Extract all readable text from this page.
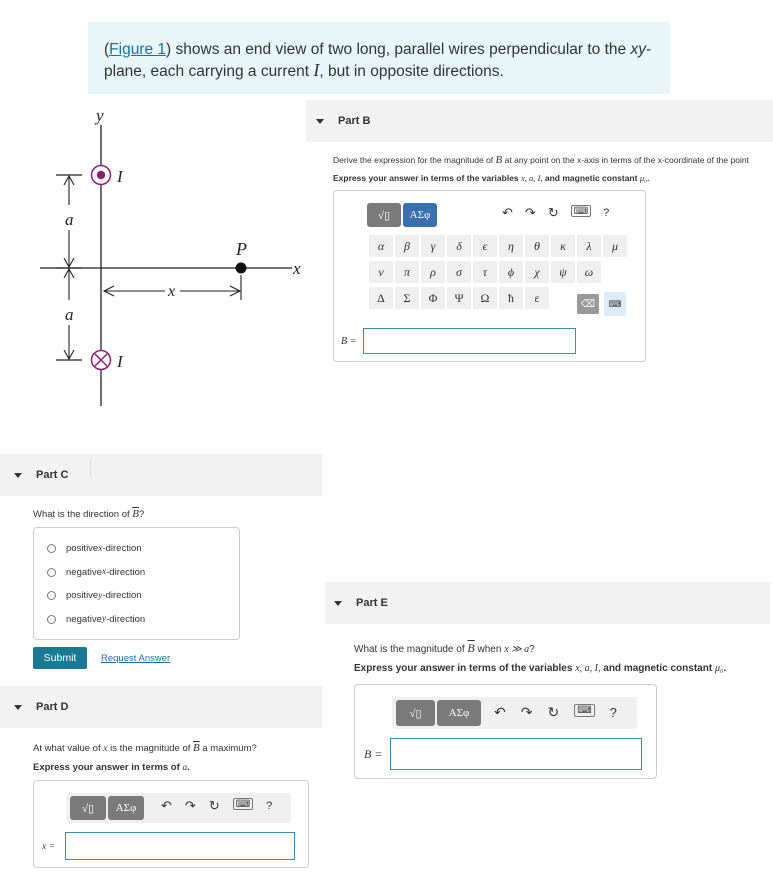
(Figure 1) shows an end view of two long, parallel wires perpendicular to the xy-plane, each carrying a current I, but in opposite directions.
y
x
I
I
a
a
x
P
Part B
Derive the expression for the magnitude of $\overline{B}$ at any point on the x-axis in terms of the x-coordinate of the point
Express your answer in terms of the variables x, a, I, and magnetic constant μ₀.
√▯ ΑΣφ	↶ ↷ ↻	⌨ ?
α	β	γ	δ	ϵ	η	θ	κ	λ	μ
ν	π	ρ	σ	τ	ϕ	χ	ψ	ω
Δ	Σ	Φ	Ψ	Ω	ħ	ε	⌫	⌨
B =
Part C
What is the direction of $\overline{B}$?
positive x -direction
negative x -direction
positive y -direction
negative y -direction
Submit	Request Answer
Part D
At what value of x is the magnitude of $\overline{B}$ a maximum?
Express your answer in terms of a.
√▯ ΑΣφ ↶ ↷ ↻	⌨ ?
x =
Part E
What is the magnitude of $\overline{B}$ when x ≫ a?
Express your answer in terms of the variables x, a, I, and magnetic constant μ₀.
√▯ ΑΣφ ↶ ↷ ↻	⌨ ?
B =
